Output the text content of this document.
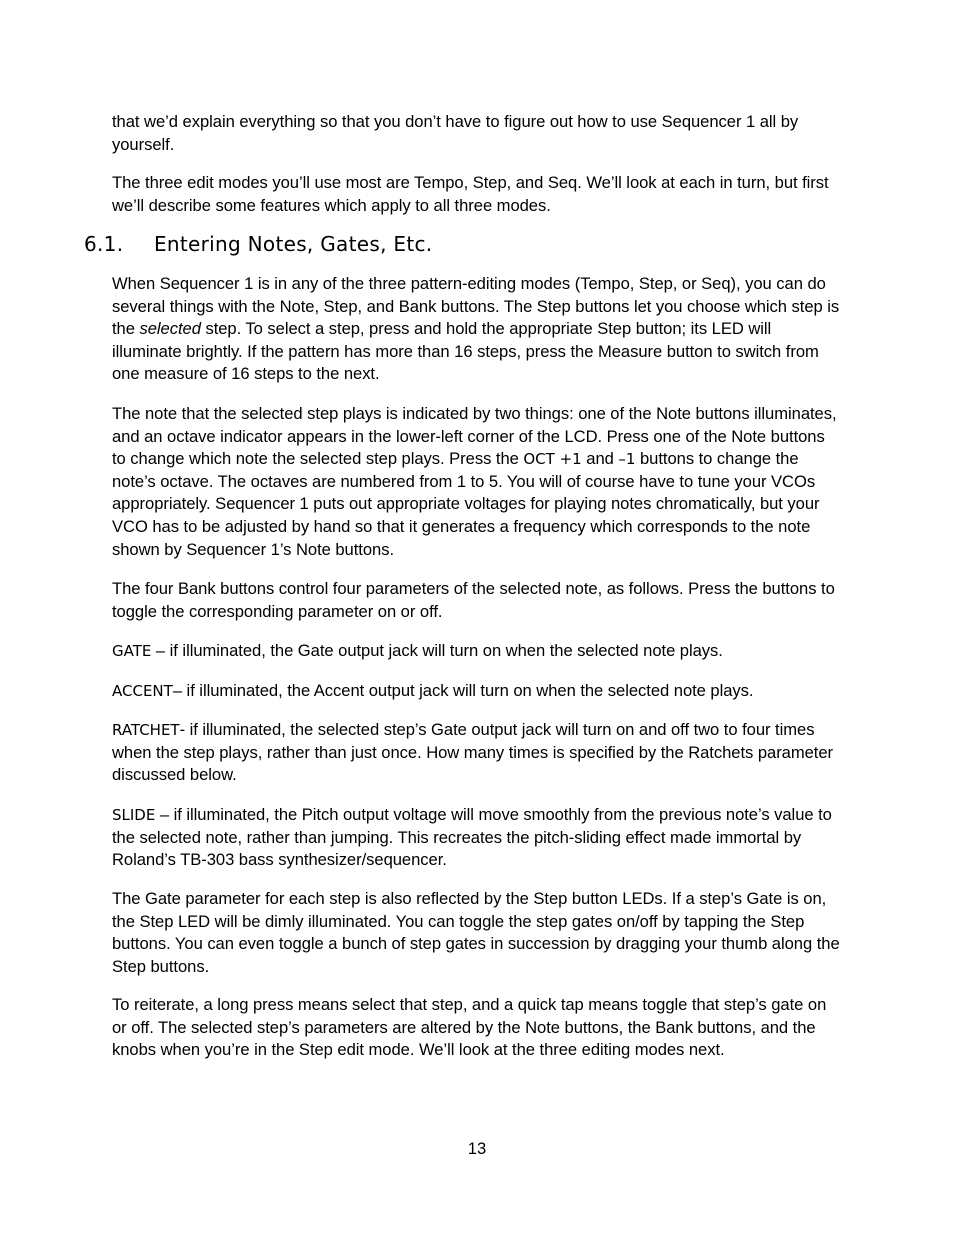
that we’d explain everything so that you don’t have to figure out how to use Sequencer 1 all by yourself.

The three edit modes you’ll use most are Tempo, Step, and Seq. We’ll look at each in turn, but first we’ll describe some features which apply to all three modes.

6.1. Entering Notes, Gates, Etc.

When Sequencer 1 is in any of the three pattern-editing modes (Tempo, Step, or Seq), you can do several things with the Note, Step, and Bank buttons. The Step buttons let you choose which step is the selected step. To select a step, press and hold the appropriate Step button; its LED will illuminate brightly. If the pattern has more than 16 steps, press the Measure button to switch from one measure of 16 steps to the next.

The note that the selected step plays is indicated by two things: one of the Note buttons illuminates, and an octave indicator appears in the lower-left corner of the LCD. Press one of the Note buttons to change which note the selected step plays. Press the OCT +1 and –1 buttons to change the note’s octave. The octaves are numbered from 1 to 5. You will of course have to tune your VCOs appropriately. Sequencer 1 puts out appropriate voltages for playing notes chromatically, but your VCO has to be adjusted by hand so that it generates a frequency which corresponds to the note shown by Sequencer 1’s Note buttons.

The four Bank buttons control four parameters of the selected note, as follows. Press the buttons to toggle the corresponding parameter on or off.

GATE – if illuminated, the Gate output jack will turn on when the selected note plays.

ACCENT– if illuminated, the Accent output jack will turn on when the selected note plays.

RATCHET- if illuminated, the selected step’s Gate output jack will turn on and off two to four times when the step plays, rather than just once. How many times is specified by the Ratchets parameter discussed below.

SLIDE – if illuminated, the Pitch output voltage will move smoothly from the previous note’s value to the selected note, rather than jumping. This recreates the pitch-sliding effect made immortal by Roland’s TB-303 bass synthesizer/sequencer.

The Gate parameter for each step is also reflected by the Step button LEDs. If a step’s Gate is on, the Step LED will be dimly illuminated. You can toggle the step gates on/off by tapping the Step buttons. You can even toggle a bunch of step gates in succession by dragging your thumb along the Step buttons.

To reiterate, a long press means select that step, and a quick tap means toggle that step’s gate on or off. The selected step’s parameters are altered by the Note buttons, the Bank buttons, and the knobs when you’re in the Step edit mode. We’ll look at the three editing modes next.

13
